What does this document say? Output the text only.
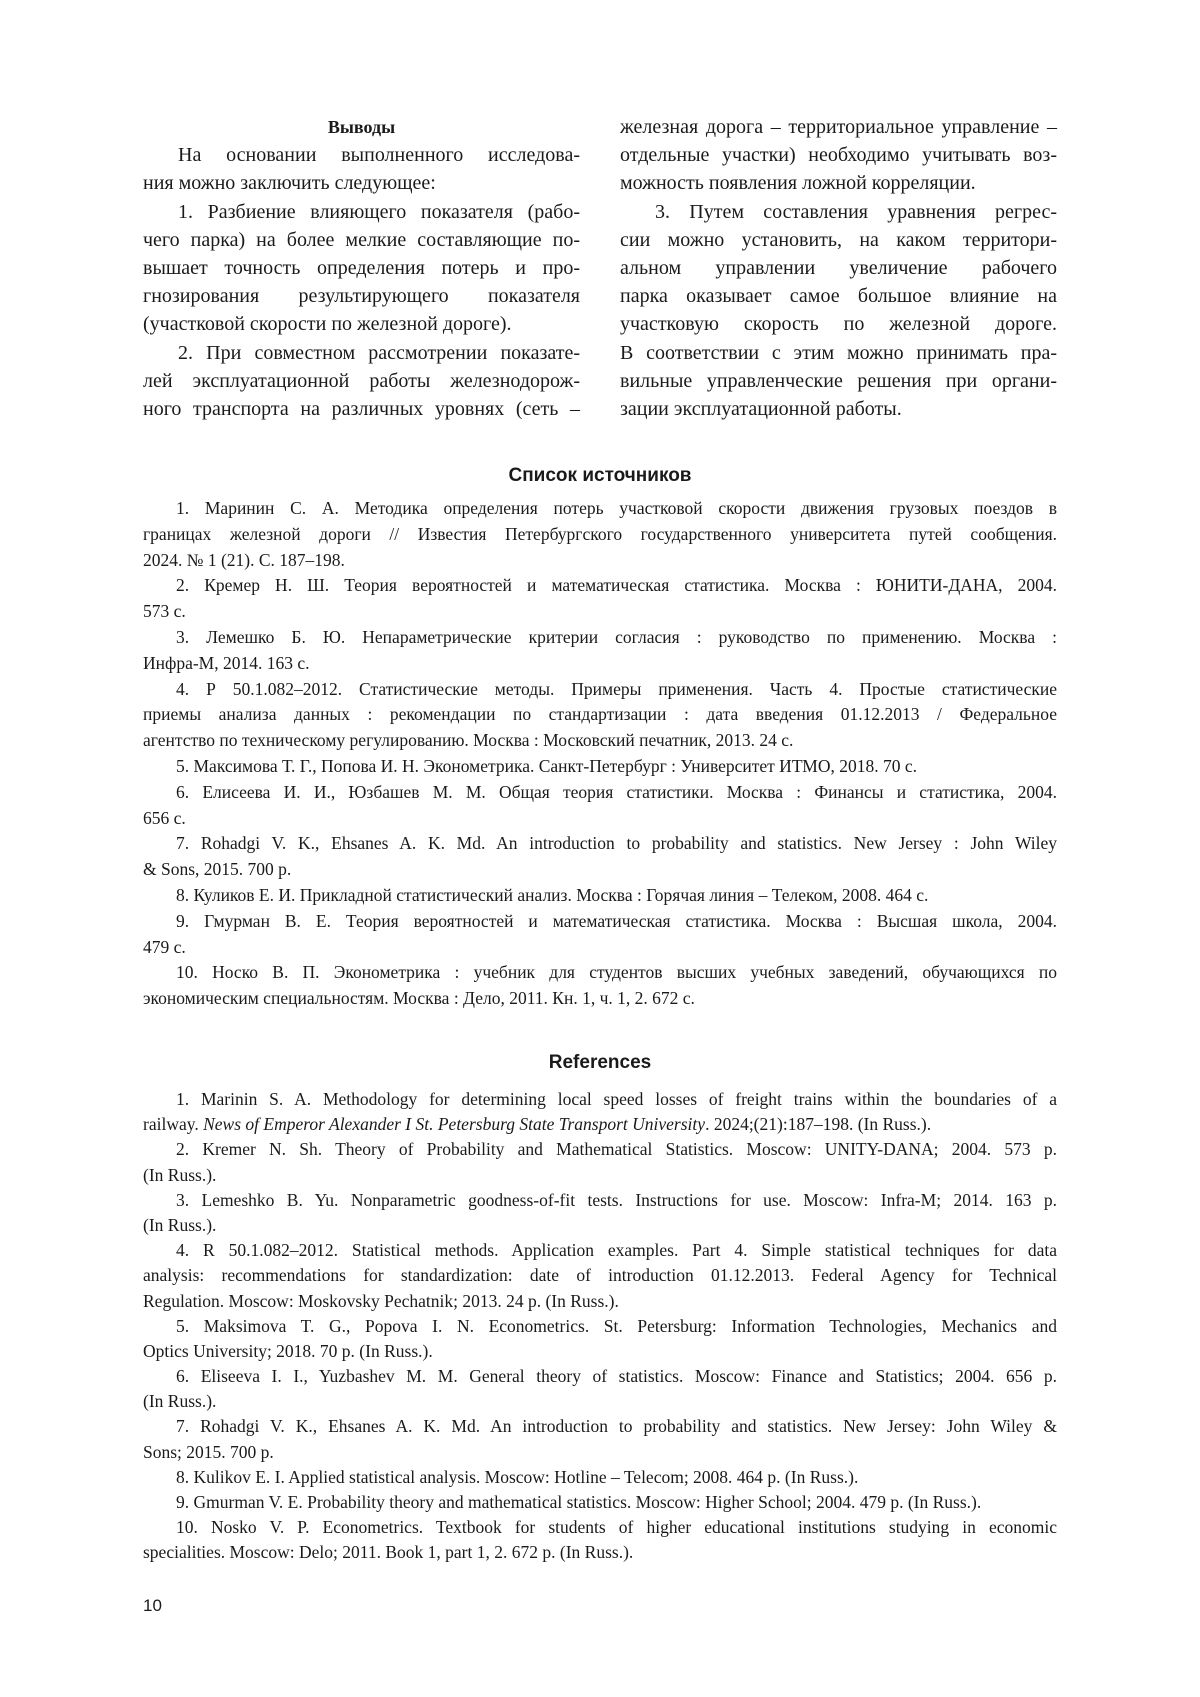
Выводы
На основании выполненного исследова-
ния можно заключить следующее:
1. Разбиение влияющего показателя (рабо-
чего парка) на более мелкие составляющие по-
вышает точность определения потерь и про-
гнозирования результирующего показателя
(участковой скорости по железной дороге).
2. При совместном рассмотрении показате-
лей эксплуатационной работы железнодорож-
ного транспорта на различных уровнях (сеть –
железная дорога – территориальное управление –
отдельные участки) необходимо учитывать воз-
можность появления ложной корреляции.
3. Путем составления уравнения регрес-
сии можно установить, на каком территори-
альном управлении увеличение рабочего
парка оказывает самое большое влияние на
участковую скорость по железной дороге.
В соответствии с этим можно принимать пра-
вильные управленческие решения при органи-
зации эксплуатационной работы.
Список источников
1. Маринин С. А. Методика определения потерь участковой скорости движения грузовых поездов в
границах железной дороги // Известия Петербургского государственного университета путей сообщения.
2024. № 1 (21). С. 187–198.
2. Кремер Н. Ш. Теория вероятностей и математическая статистика. Москва : ЮНИТИ-ДАНА, 2004.
573 с.
3. Лемешко Б. Ю. Непараметрические критерии согласия : руководство по применению. Москва :
Инфра-М, 2014. 163 с.
4. Р 50.1.082–2012. Статистические методы. Примеры применения. Часть 4. Простые статистические
приемы анализа данных : рекомендации по стандартизации : дата введения 01.12.2013 / Федеральное
агентство по техническому регулированию. Москва : Московский печатник, 2013. 24 с.
5. Максимова Т. Г., Попова И. Н. Эконометрика. Санкт-Петербург : Университет ИТМО, 2018. 70 с.
6. Елисеева И. И., Юзбашев М. М. Общая теория статистики. Москва : Финансы и статистика, 2004.
656 с.
7. Rohadgi V. K., Ehsanes A. K. Md. An introduction to probability and statistics. New Jersey : John Wiley
& Sons, 2015. 700 p.
8. Куликов Е. И. Прикладной статистический анализ. Москва : Горячая линия – Телеком, 2008. 464 с.
9. Гмурман В. Е. Теория вероятностей и математическая статистика. Москва : Высшая школа, 2004.
479 с.
10. Носко В. П. Эконометрика : учебник для студентов высших учебных заведений, обучающихся по
экономическим специальностям. Москва : Дело, 2011. Кн. 1, ч. 1, 2. 672 с.
References
1. Marinin S. A. Methodology for determining local speed losses of freight trains within the boundaries of a
railway. News of Emperor Alexander I St. Petersburg State Transport University. 2024;(21):187–198. (In Russ.).
2. Kremer N. Sh. Theory of Probability and Mathematical Statistics. Moscow: UNITY-DANA; 2004. 573 p.
(In Russ.).
3. Lemeshko B. Yu. Nonparametric goodness-of-fit tests. Instructions for use. Moscow: Infra-M; 2014. 163 p.
(In Russ.).
4. R 50.1.082–2012. Statistical methods. Application examples. Part 4. Simple statistical techniques for data
analysis: recommendations for standardization: date of introduction 01.12.2013. Federal Agency for Technical
Regulation. Moscow: Moskovsky Pechatnik; 2013. 24 p. (In Russ.).
5. Maksimova T. G., Popova I. N. Econometrics. St. Petersburg: Information Technologies, Mechanics and
Optics University; 2018. 70 p. (In Russ.).
6. Eliseeva I. I., Yuzbashev M. M. General theory of statistics. Moscow: Finance and Statistics; 2004. 656 p.
(In Russ.).
7. Rohadgi V. K., Ehsanes A. K. Md. An introduction to probability and statistics. New Jersey: John Wiley &
Sons; 2015. 700 p.
8. Kulikov E. I. Applied statistical analysis. Moscow: Hotline – Telecom; 2008. 464 p. (In Russ.).
9. Gmurman V. E. Probability theory and mathematical statistics. Moscow: Higher School; 2004. 479 p. (In Russ.).
10. Nosko V. P. Econometrics. Textbook for students of higher educational institutions studying in economic
specialities. Moscow: Delo; 2011. Book 1, part 1, 2. 672 p. (In Russ.).
10
